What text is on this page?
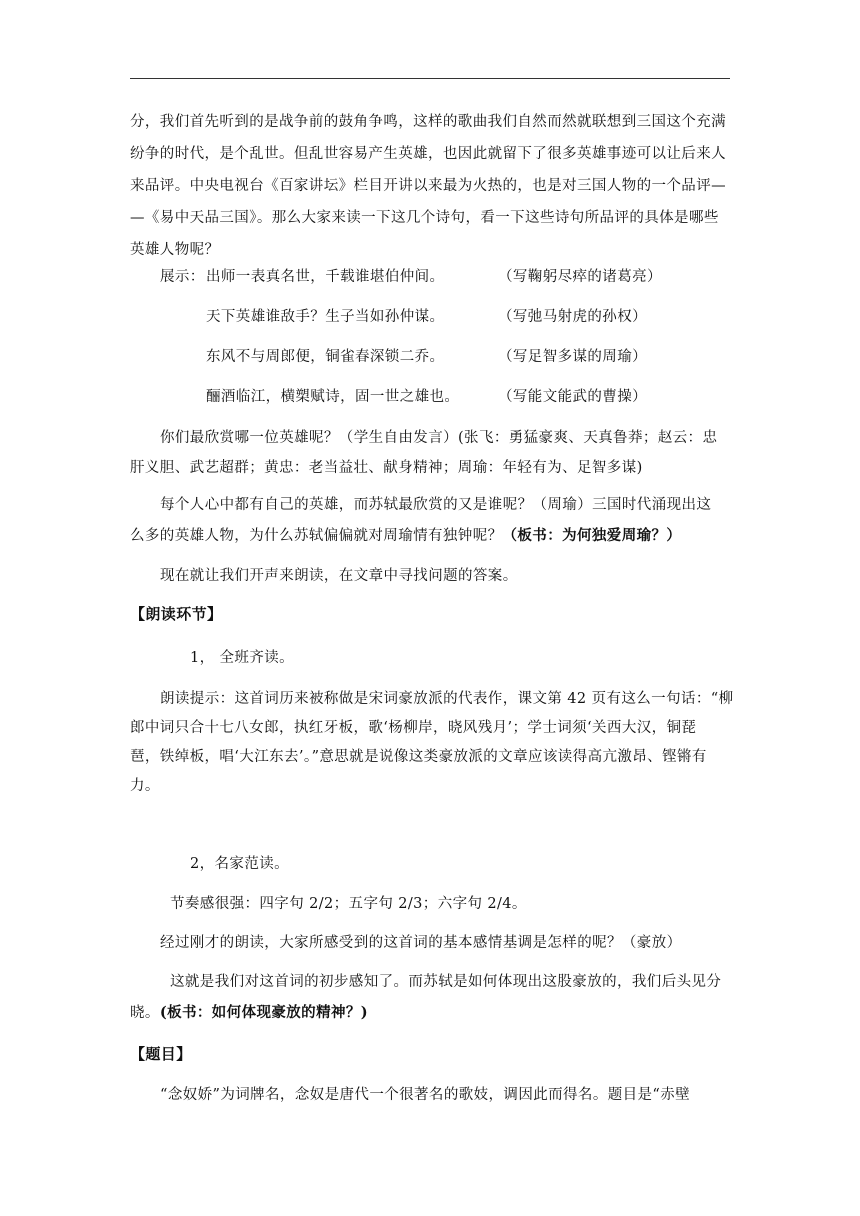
分，我们首先听到的是战争前的鼓角争鸣，这样的歌曲我们自然而然就联想到三国这个充满
纷争的时代，是个乱世。但乱世容易产生英雄，也因此就留下了很多英雄事迹可以让后来人
来品评。中央电视台《百家讲坛》栏目开讲以来最为火热的，也是对三国人物的一个品评—
—《易中天品三国》。那么大家来读一下这几个诗句，看一下这些诗句所品评的具体是哪些
英雄人物呢？
展示： 出师一表真名世，千载谁堪伯仲间。	（写鞠躬尽瘁的诸葛亮）
天下英雄谁敌手？生子当如孙仲谋。	（写弛马射虎的孙权）
东风不与周郎便，铜雀春深锁二乔。	（写足智多谋的周瑜）
酾酒临江，横槊赋诗，固一世之雄也。	（写能文能武的曹操）
你们最欣赏哪一位英雄呢？（学生自由发言）(张飞：勇猛豪爽、天真鲁莽；赵云：忠
肝义胆、武艺超群；黄忠：老当益壮、献身精神；周瑜：年轻有为、足智多谋)
每个人心中都有自己的英雄，而苏轼最欣赏的又是谁呢？（周瑜）三国时代涌现出这
么多的英雄人物，为什么苏轼偏偏就对周瑜情有独钟呢？（板书：为何独爱周瑜？）
现在就让我们开声来朗读，在文章中寻找问题的答案。
【朗读环节】
1， 全班齐读。
朗读提示：这首词历来被称做是宋词豪放派的代表作，课文第 42 页有这么一句话：“柳
郎中词只合十七八女郎，执红牙板，歌‘杨柳岸，晓风残月’；学士词须‘关西大汉，铜琵
琶，铁绰板，唱‘大江东去’。”意思就是说像这类豪放派的文章应该读得高亢激昂、铿锵有
力。
2，名家范读。
节奏感很强：四字句 2/2；五字句 2/3；六字句 2/4。
经过刚才的朗读，大家所感受到的这首词的基本感情基调是怎样的呢？（豪放）
这就是我们对这首词的初步感知了。而苏轼是如何体现出这股豪放的，我们后头见分
晓。(板书：如何体现豪放的精神？)
【题目】
“念奴娇”为词牌名，念奴是唐代一个很著名的歌妓，调因此而得名。题目是“赤壁
